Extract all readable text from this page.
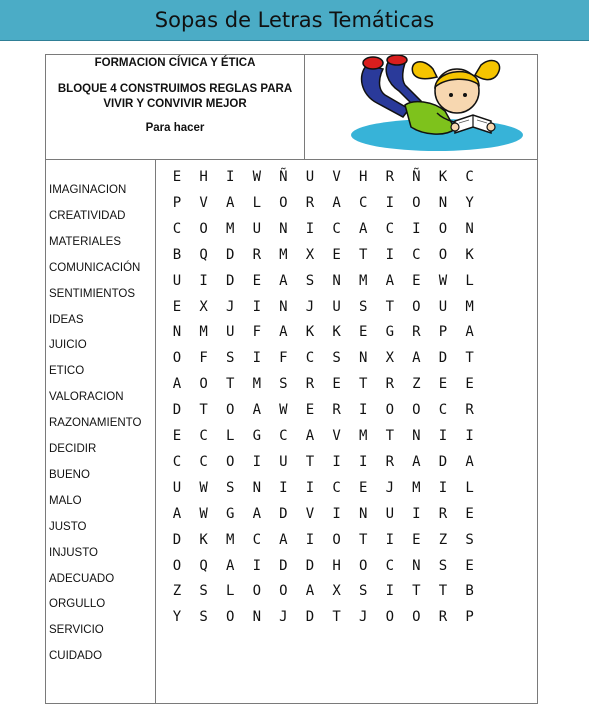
Sopas de Letras Temáticas
FORMACION CÍVICA Y ÉTICA
BLOQUE 4 CONSTRUIMOS REGLAS PARA VIVIR Y CONVIVIR MEJOR
Para hacer
IMAGINACION
CREATIVIDAD
MATERIALES
COMUNICACIÓN
SENTIMIENTOS
IDEAS
JUICIO
ETICO
VALORACION
RAZONAMIENTO
DECIDIR
BUENO
MALO
JUSTO
INJUSTO
ADECUADO
ORGULLO
SERVICIO
CUIDADO
E	H	I	W	Ñ	U	V	H	R	Ñ	K	C
P	V	A	L	O	R	A	C	I	O	N	Y
C	O	M	U	N	I	C	A	C	I	O	N
B	Q	D	R	M	X	E	T	I	C	O	K
U	I	D	E	A	S	N	M	A	E	W	L
E	X	J	I	N	J	U	S	T	O	U	M
N	M	U	F	A	K	K	E	G	R	P	A
O	F	S	I	F	C	S	N	X	A	D	T
A	O	T	M	S	R	E	T	R	Z	E	E
D	T	O	A	W	E	R	I	O	O	C	R
E	C	L	G	C	A	V	M	T	N	I	I
C	C	O	I	U	T	I	I	R	A	D	A
U	W	S	N	I	I	C	E	J	M	I	L
A	W	G	A	D	V	I	N	U	I	R	E
D	K	M	C	A	I	O	T	I	E	Z	S
O	Q	A	I	D	D	H	O	C	N	S	E
Z	S	L	O	O	A	X	S	I	T	T	B
Y	S	O	N	J	D	T	J	O	O	R	P
